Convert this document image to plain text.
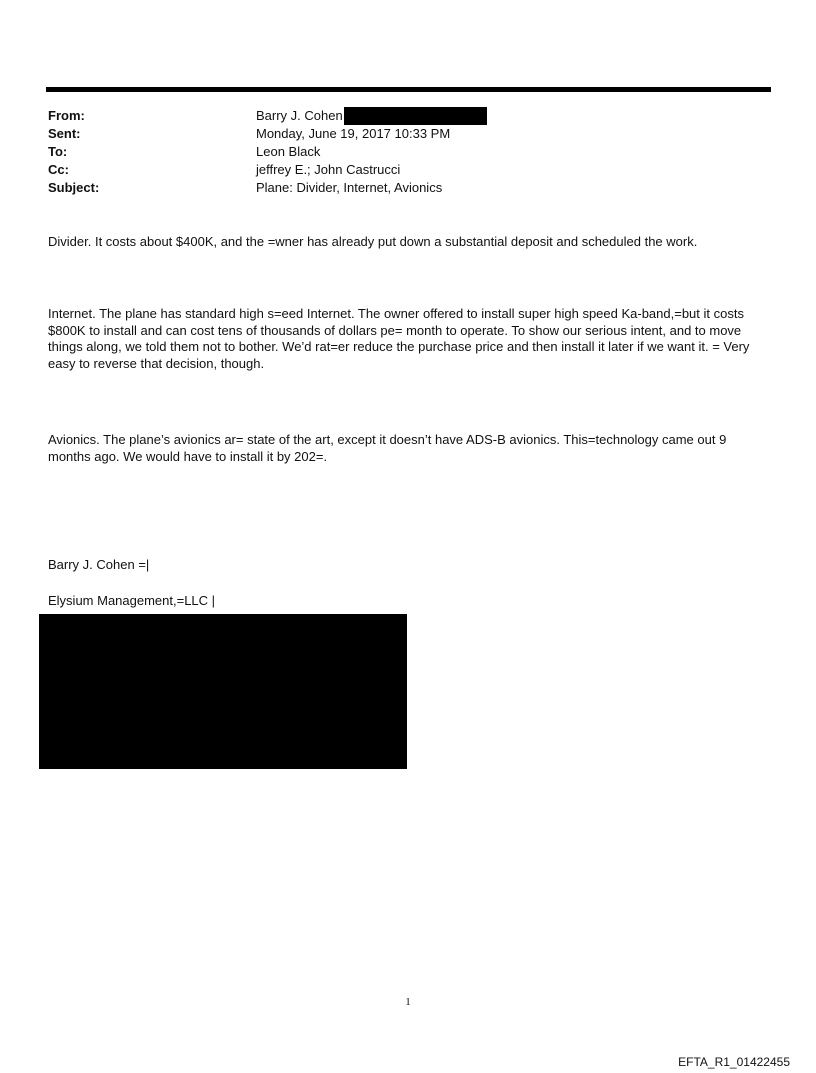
From:	Barry J. Cohen
Sent:	Monday, June 19, 2017 10:33 PM
To:	Leon Black
Cc:	jeffrey E.; John Castrucci
Subject:	Plane: Divider, Internet, Avionics

Divider. It costs about $400K, and the =wner has already put down a substantial deposit and scheduled the work.

Internet. The plane has standard high s=eed Internet. The owner offered to install super high speed Ka-band,=but it costs $800K to install and can cost tens of thousands of dollars pe= month to operate. To show our serious intent, and to move things along, we told them not to bother. We’d rat=er reduce the purchase price and then install it later if we want it. = Very easy to reverse that decision, though.

Avionics. The plane’s avionics ar= state of the art, except it doesn’t have ADS-B avionics. This=technology came out 9 months ago. We would have to install it by 202=.

Barry J. Cohen =|

Elysium Management,=LLC |

1
EFTA_R1_01422455
